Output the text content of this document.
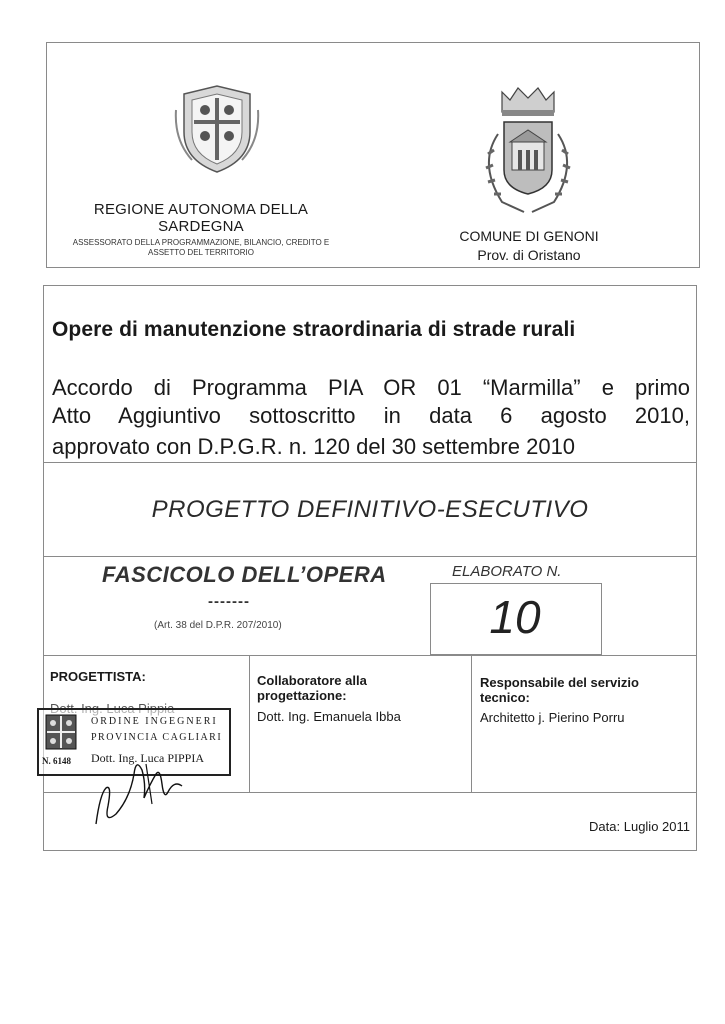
REGIONE AUTONOMA DELLA SARDEGNA
ASSESSORATO DELLA PROGRAMMAZIONE, BILANCIO, CREDITO E ASSETTO DEL TERRITORIO
COMUNE DI GENONI
Prov. di Oristano
Opere di manutenzione straordinaria di strade rurali
Accordo di Programma PIA OR 01 “Marmilla” e primo
Atto Aggiuntivo sottoscritto in data 6 agosto 2010,
approvato con D.P.G.R. n. 120 del 30 settembre 2010
PROGETTO DEFINITIVO-ESECUTIVO
FASCICOLO DELL’OPERA
-------
(Art. 38 del D.P.R. 207/2010)
ELABORATO N.
10
PROGETTISTA:
ORDINE INGEGNERI
PROVINCIA CAGLIARI
N. 6148 Dott. Ing. Luca PIPPIA
Collaboratore alla progettazione:
Dott. Ing. Emanuela Ibba
Responsabile del servizio tecnico:
Architetto j. Pierino Porru
Data: Luglio 2011
